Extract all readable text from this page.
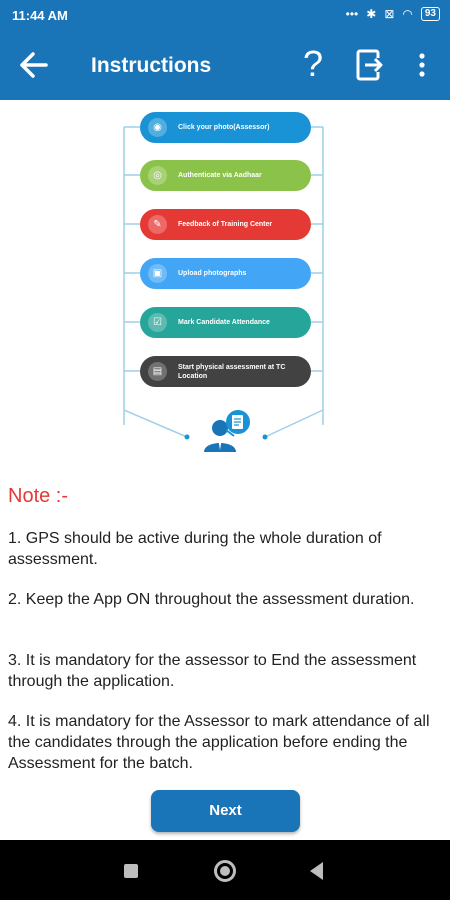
11:44 AM	••• ✱ ⊠ ◠	93
Instructions	?
◉	Click your photo(Assessor)
◎	Authenticate via Aadhaar
✎	Feedback of Training Center
▣	Upload photographs
☑	Mark Candidate Attendance
▤	Start physical assessment at TC Location
Note :-
1. GPS should be active during the whole duration of assessment.
2. Keep the App ON throughout the assessment duration.
3. It is mandatory for the assessor to End the assessment through the application.
4. It is mandatory for the Assessor to mark attendance of all the candidates through the application before ending the Assessment for the batch.
Next
